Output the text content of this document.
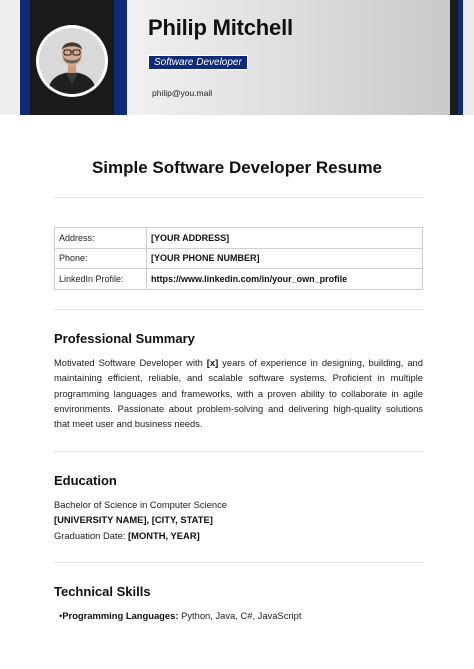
Philip Mitchell
Software Developer
philip@you.mail
Simple Software Developer Resume
Address:	[YOUR ADDRESS]
Phone:	[YOUR PHONE NUMBER]
LinkedIn Profile:	https://www.linkedin.com/in/your_own_profile
Professional Summary
Motivated Software Developer with [x] years of experience in designing, building, and maintaining efficient, reliable, and scalable software systems. Proficient in multiple programming languages and frameworks, with a proven ability to collaborate in agile environments. Passionate about problem-solving and delivering high-quality solutions that meet user and business needs.
Education
Bachelor of Science in Computer Science
[UNIVERSITY NAME], [CITY, STATE]
Graduation Date: [MONTH, YEAR]
Technical Skills
•Programming Languages: Python, Java, C#, JavaScript
